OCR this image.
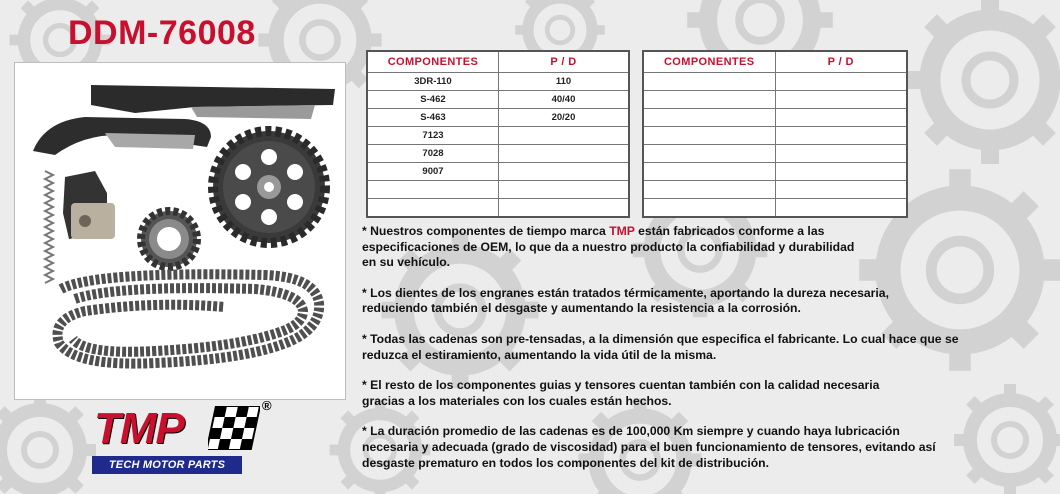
DDM-76008
COMPONENTES	P / D
3DR-110	110
S-462	40/40
S-463	20/20
7123	
7028	
9007	

COMPONENTES	P / D

* Nuestros componentes de tiempo marca TMP están fabricados conforme a las
especificaciones de OEM, lo que da a nuestro producto la confiabilidad y durabilidad
en su vehículo.

* Los dientes de los engranes están tratados térmicamente, aportando la dureza necesaria,
reduciendo también el desgaste y aumentando la resistencia a la corrosión.

* Todas las cadenas son pre-tensadas, a la dimensión que especifica el fabricante. Lo cual hace que se
reduzca el estiramiento, aumentando la vida útil de la misma.

* El resto de los componentes guias y tensores cuentan también con la calidad necesaria
gracias a los materiales con los cuales están hechos.

* La duración promedio de las cadenas es de 100,000 Km siempre y cuando haya lubricación
necesaria y adecuada (grado de viscosidad) para el buen funcionamiento de tensores, evitando así
desgaste prematuro en todos los componentes del kit de distribución.

TMP	®
TECH MOTOR PARTS
